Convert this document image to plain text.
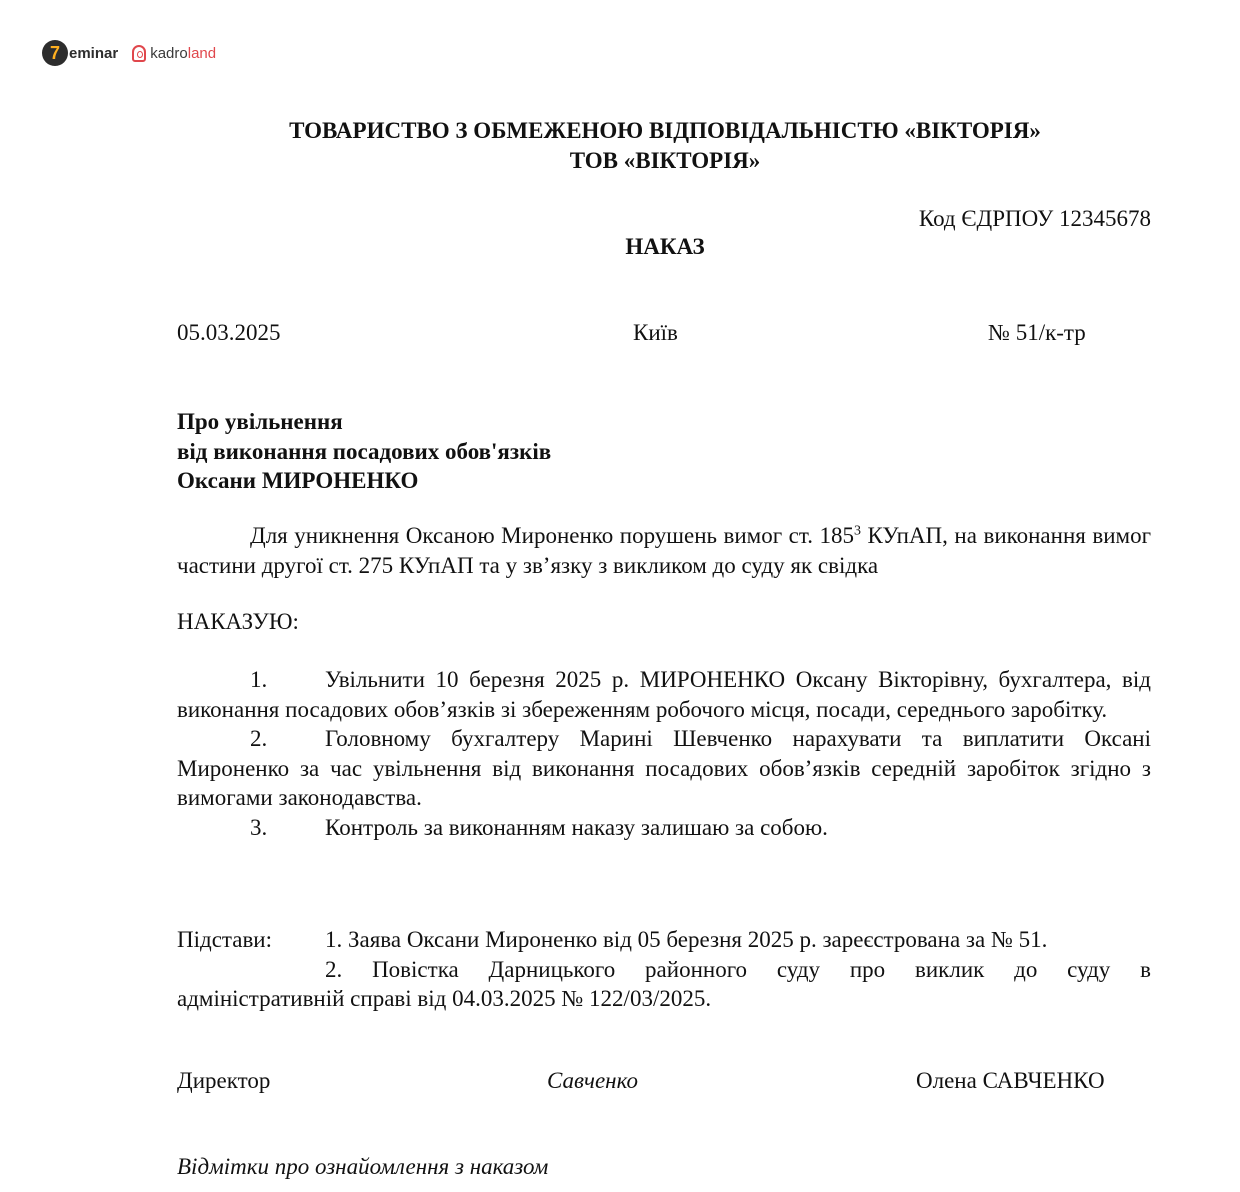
7 eminar kadro land
ТОВАРИСТВО З ОБМЕЖЕНОЮ ВІДПОВІДАЛЬНІСТЮ «ВІКТОРІЯ»
ТОВ «ВІКТОРІЯ»
Код ЄДРПОУ 12345678
НАКАЗ
05.03.2025	Київ	№ 51/к-тр
Про увільнення
від виконання посадових обов'язків
Оксани МИРОНЕНКО
Для уникнення Оксаною Мироненко порушень вимог ст. $185^3$ КУпАП, на виконання вимог частини другої ст. 275 КУпАП та у зв’язку з викликом до суду як свідка
НАКАЗУЮ:
1.	Увільнити 10 березня 2025 р. МИРОНЕНКО Оксану Вікторівну, бухгалтера, від виконання посадових обов’язків зі збереженням робочого місця, посади, середнього заробітку.
2.	Головному бухгалтеру Марині Шевченко нарахувати та виплатити Оксані Мироненко за час увільнення від виконання посадових обов’язків середній заробіток згідно з вимогами законодавства.
3.	Контроль за виконанням наказу залишаю за собою.
Підстави:	1. Заява Оксани Мироненко від 05 березня 2025 р. зареєстрована за № 51.
2. Повістка Дарницького районного суду про виклик до суду в
адміністративній справі від 04.03.2025 № 122/03/2025.
Директор	Савченко	Олена САВЧЕНКО
Відмітки про ознайомлення з наказом
